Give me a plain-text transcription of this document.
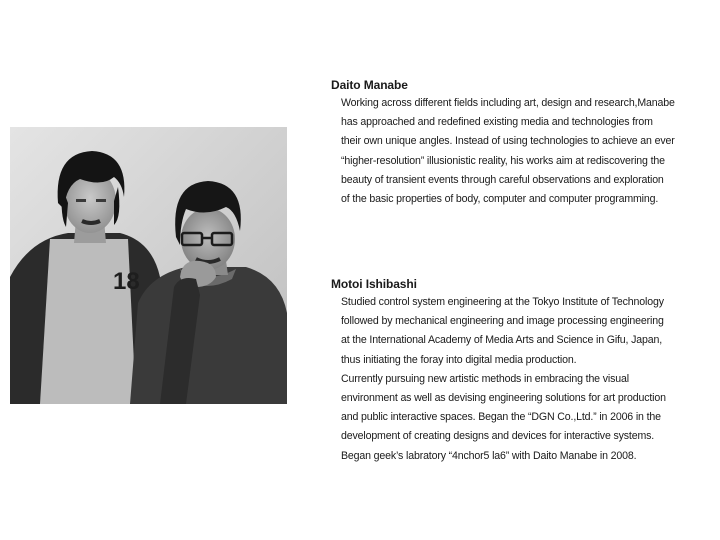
18

Daito Manabe

Working across different fields including art, design and research,Manabe
has approached and redefined existing media and technologies from
their own unique angles. Instead of using technologies to achieve an ever
“higher-resolution” illusionistic reality, his works aim at rediscovering the
beauty of transient events through careful observations and exploration
of the basic properties of body, computer and computer programming.

Motoi Ishibashi

Studied control system engineering at the Tokyo Institute of Technology
followed by mechanical engineering and image processing engineering
at the International Academy of Media Arts and Science in Gifu, Japan,
thus initiating the foray into digital media production.
Currently pursuing new artistic methods in embracing the visual
environment as well as devising engineering solutions for art production
and public interactive spaces. Began the “DGN Co.,Ltd.” in 2006 in the
development of creating designs and devices for interactive systems.
Began geek’s labratory “4nchor5 la6” with Daito Manabe in 2008.
